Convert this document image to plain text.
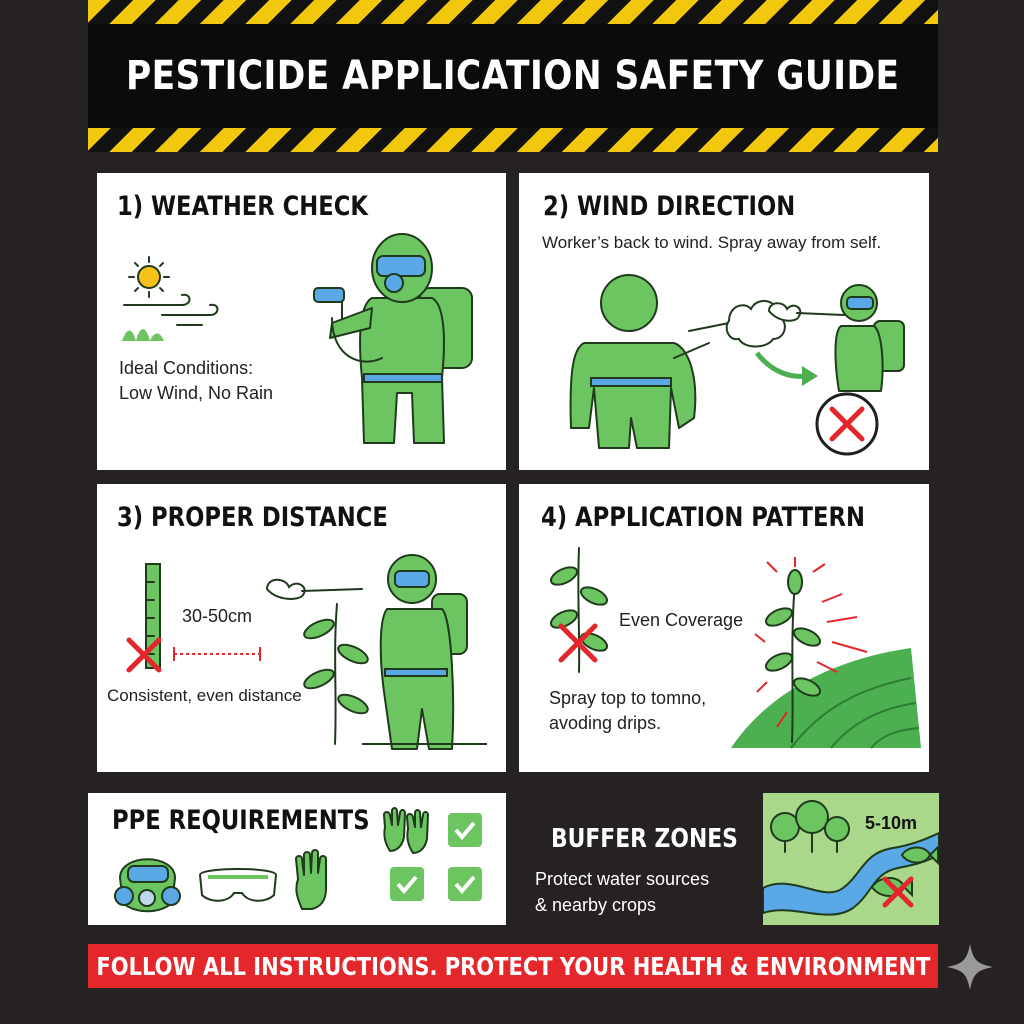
PESTICIDE APPLICATION SAFETY GUIDE
1) WEATHER CHECK
Ideal Conditions:
Low Wind, No Rain
2) WIND DIRECTION
Worker’s back to wind. Spray away from self.
3) PROPER DISTANCE
30-50cm
Consistent, even distance
4) APPLICATION PATTERN
Even Coverage
Spray top to tomno,
avoding drips.
PPE REQUIREMENTS
BUFFER ZONES
Protect water sources
& nearby crops
5-10m
FOLLOW ALL INSTRUCTIONS. PROTECT YOUR HEALTH & ENVIRONMENT
